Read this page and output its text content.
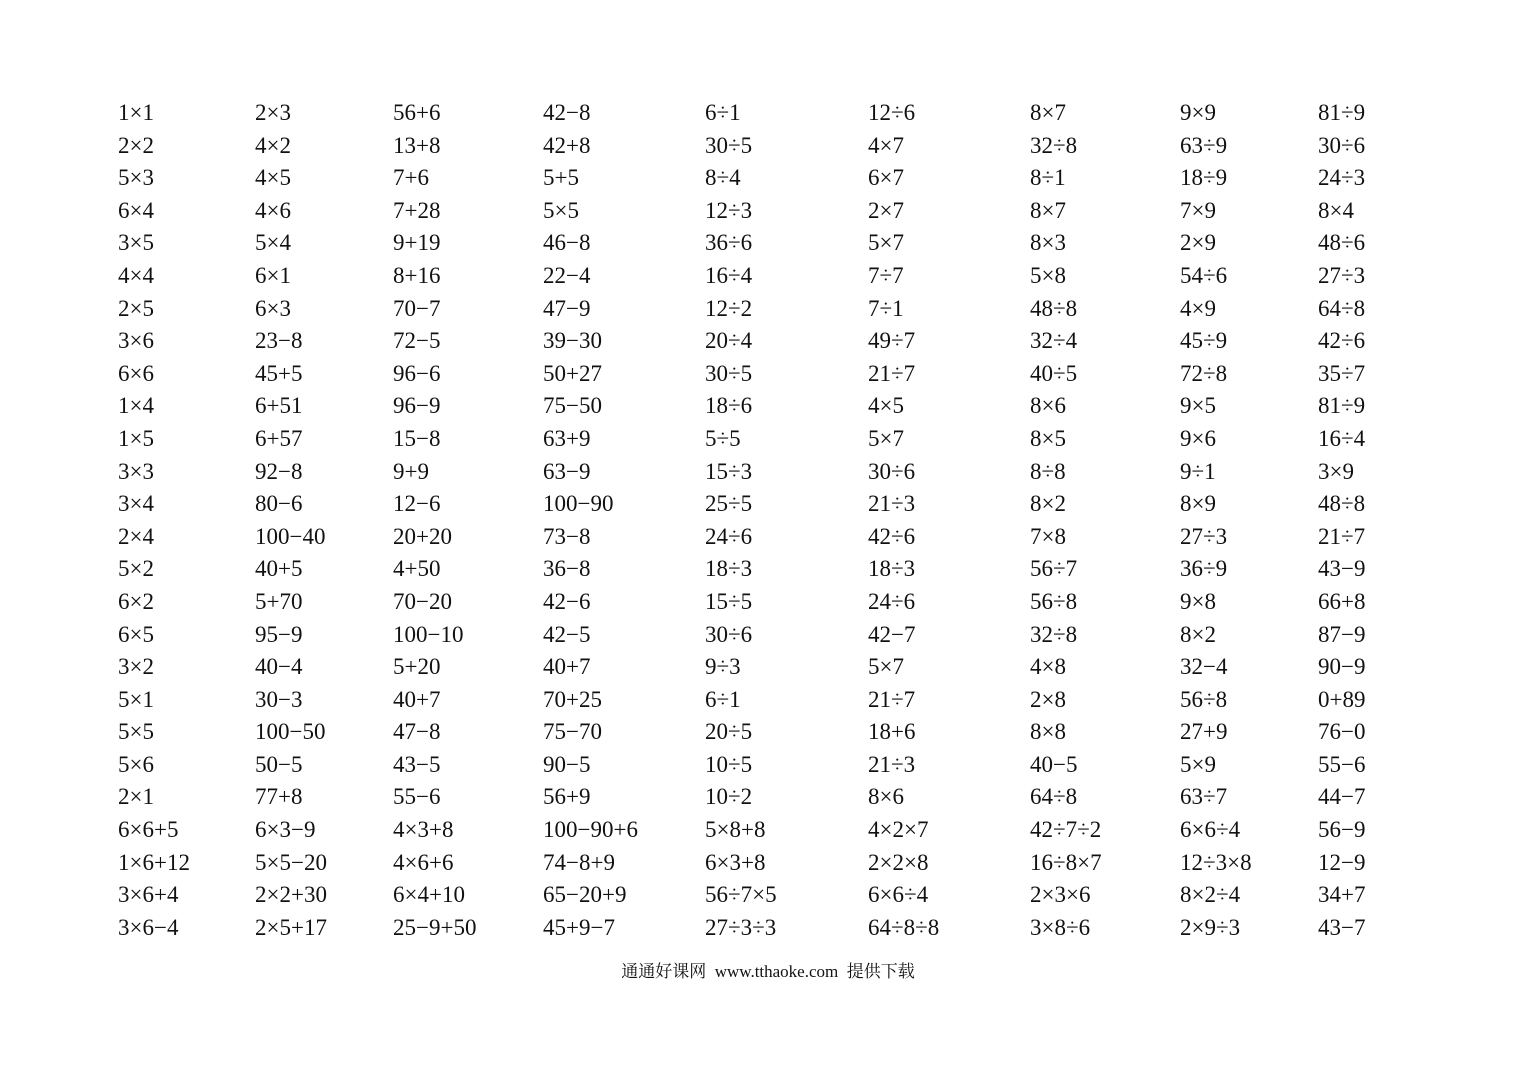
1×1
2×2
5×3
6×4
3×5
4×4
2×5
3×6
6×6
1×4
1×5
3×3
3×4
2×4
5×2
6×2
6×5
3×2
5×1
5×5
5×6
2×1
6×6+5
1×6+12
3×6+4
3×6−4
2×3
4×2
4×5
4×6
5×4
6×1
6×3
23−8
45+5
6+51
6+57
92−8
80−6
100−40
40+5
5+70
95−9
40−4
30−3
100−50
50−5
77+8
6×3−9
5×5−20
2×2+30
2×5+17
56+6
13+8
7+6
7+28
9+19
8+16
70−7
72−5
96−6
96−9
15−8
9+9
12−6
20+20
4+50
70−20
100−10
5+20
40+7
47−8
43−5
55−6
4×3+8
4×6+6
6×4+10
25−9+50
42−8
42+8
5+5
5×5
46−8
22−4
47−9
39−30
50+27
75−50
63+9
63−9
100−90
73−8
36−8
42−6
42−5
40+7
70+25
75−70
90−5
56+9
100−90+6
74−8+9
65−20+9
45+9−7
6÷1
30÷5
8÷4
12÷3
36÷6
16÷4
12÷2
20÷4
30÷5
18÷6
5÷5
15÷3
25÷5
24÷6
18÷3
15÷5
30÷6
9÷3
6÷1
20÷5
10÷5
10÷2
5×8+8
6×3+8
56÷7×5
27÷3÷3
12÷6
4×7
6×7
2×7
5×7
7÷7
7÷1
49÷7
21÷7
4×5
5×7
30÷6
21÷3
42÷6
18÷3
24÷6
42−7
5×7
21÷7
18+6
21÷3
8×6
4×2×7
2×2×8
6×6÷4
64÷8÷8
8×7
32÷8
8÷1
8×7
8×3
5×8
48÷8
32÷4
40÷5
8×6
8×5
8÷8
8×2
7×8
56÷7
56÷8
32÷8
4×8
2×8
8×8
40−5
64÷8
42÷7÷2
16÷8×7
2×3×6
3×8÷6
9×9
63÷9
18÷9
7×9
2×9
54÷6
4×9
45÷9
72÷8
9×5
9×6
9÷1
8×9
27÷3
36÷9
9×8
8×2
32−4
56÷8
27+9
5×9
63÷7
6×6÷4
12÷3×8
8×2÷4
2×9÷3
81÷9
30÷6
24÷3
8×4
48÷6
27÷3
64÷8
42÷6
35÷7
81÷9
16÷4
3×9
48÷8
21÷7
43−9
66+8
87−9
90−9
0+89
76−0
55−6
44−7
56−9
12−9
34+7
43−7
通通好课网  www.tthaoke.com  提供下载
